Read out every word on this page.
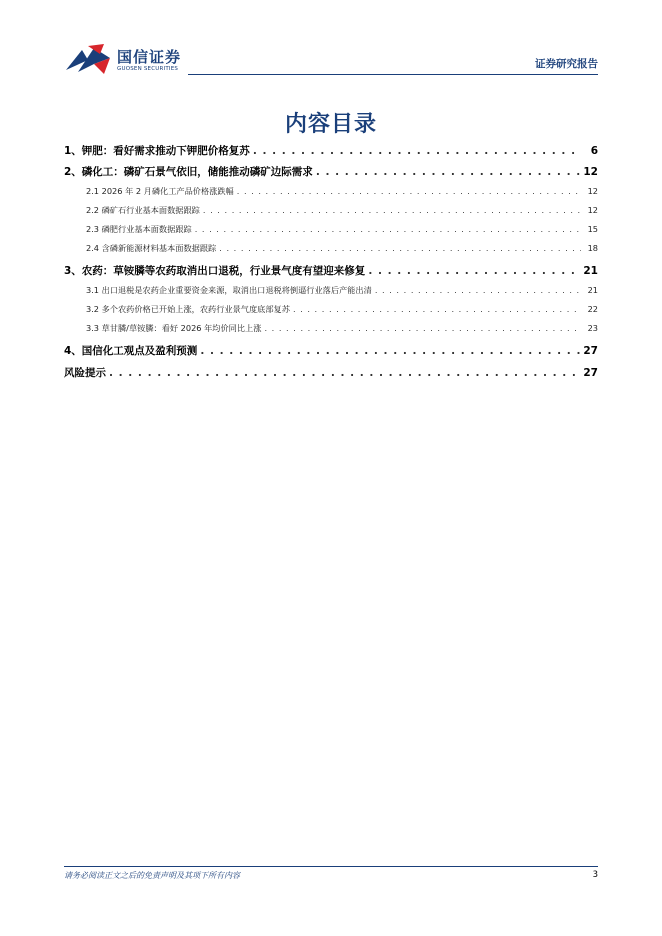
国信证券
GUOSEN SECURITIES	证券研究报告
内容目录
1、钾肥：看好需求推动下钾肥价格复苏 . . .	6
2、磷化工：磷矿石景气依旧，储能推动磷矿边际需求 . . .	12
2.1 2026 年 2 月磷化工产品价格涨跌幅 . . .	12
2.2 磷矿石行业基本面数据跟踪 . . .	12
2.3 磷肥行业基本面数据跟踪 . . .	15
2.4 含磷新能源材料基本面数据跟踪 . . .	18
3、农药：草铵膦等农药取消出口退税，行业景气度有望迎来修复 . . .	21
3.1 出口退税是农药企业重要资金来源，取消出口退税将倒逼行业落后产能出清 . . .	21
3.2 多个农药价格已开始上涨，农药行业景气度底部复苏 . . .	22
3.3 草甘膦/草铵膦：看好 2026 年均价同比上涨 . . .	23
4、国信化工观点及盈利预测 . . .	27
风险提示 . . .	27
请务必阅读正文之后的免责声明及其项下所有内容	3
